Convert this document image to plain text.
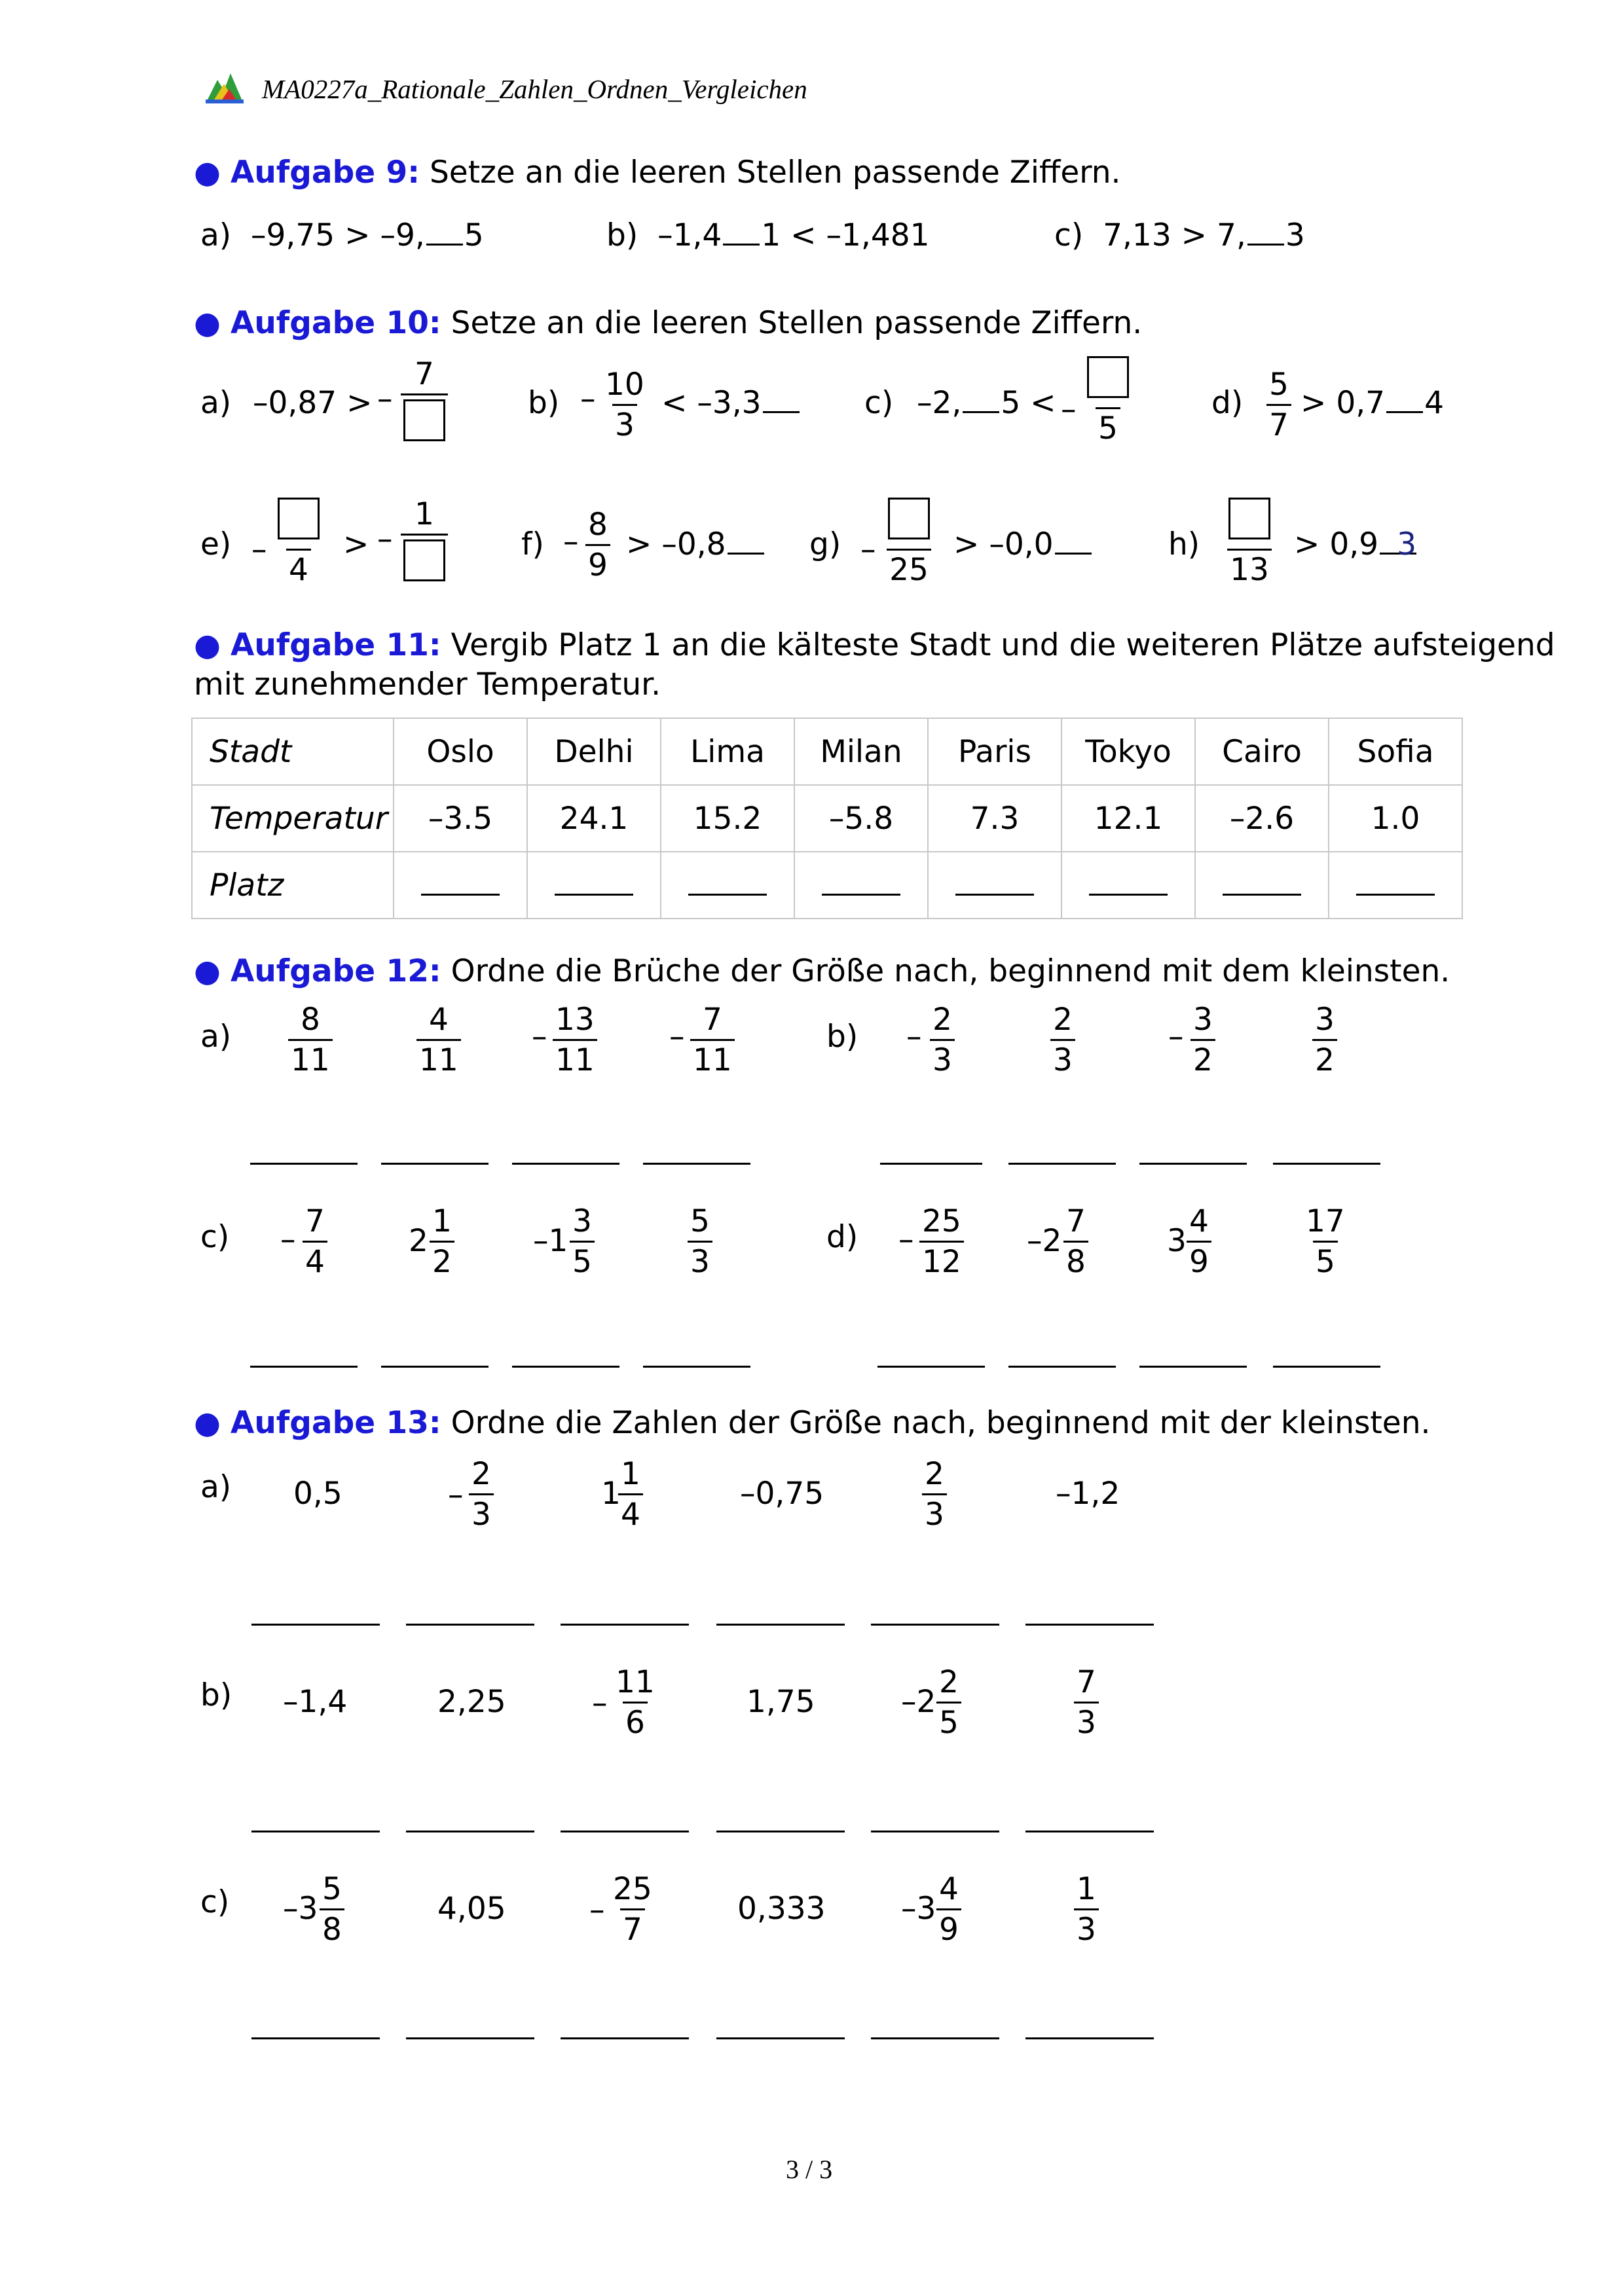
MA0227a_Rationale_Zahlen_Ordnen_Vergleichen
● Aufgabe 9: Setze an die leeren Stellen passende Ziffern.
a) –9,75 > –9, 5	b) –1,4 1 < –1,481	c) 7,13 > 7, 3
● Aufgabe 10: Setze an die leeren Stellen passende Ziffern.
a) –0,87 > –
7
$b) - \frac{10}{3} < -3,3$	c) –2, 5 < –
5
$d) \frac{5}{7} > 0,7$ 4
e) –
4
> –
1
$f) - \frac{8}{9} > -0,8$	g) –
25
> –0,0	h)
13
> 0,9 3
● Aufgabe 11: Vergib Platz 1 an die kälteste Stadt und die weiteren Plätze aufsteigend
mit zunehmender Temperatur.
Stadt	Oslo	Delhi	Lima	Milan	Paris	Tokyo	Cairo	Sofia
Temperatur	–3.5	24.1	15.2	–5.8	7.3	12.1	–2.6	1.0
Platz								
● Aufgabe 12: Ordne die Brüche der Größe nach, beginnend mit dem kleinsten.
$a) \frac{8}{11}$	$\frac{4}{11} - \frac{13}{11} - \frac{7}{11}$	$b) - \frac{2}{3}$	$\frac{2}{3}$	– $\frac{3}{2}$	$\frac{3}{2}$
$c) - \frac{7}{4}$	$2 \frac{1}{2}$	$-1 \frac{3}{5}$	$\frac{5}{3}$	$d) - \frac{25}{12} -2 \frac{7}{8}$	$3 \frac{4}{9}$	$\frac{17}{5}$
● Aufgabe 13: Ordne die Zahlen der Größe nach, beginnend mit der kleinsten.
a) 0,5	– $\frac{2}{3}$	1
$\frac{1}{4}$	–0,75	$\frac{2}{3}$	–1,2
b) –1,4	2,25	– $\frac{11}{6}$	1,75	$-2 \frac{2}{5}$	$\frac{7}{3}$
c) $-3 \frac{5}{8}$	4,05	– $\frac{25}{7}$	0,333 $-3 \frac{4}{9}$	$\frac{1}{3}$
3 / 3
